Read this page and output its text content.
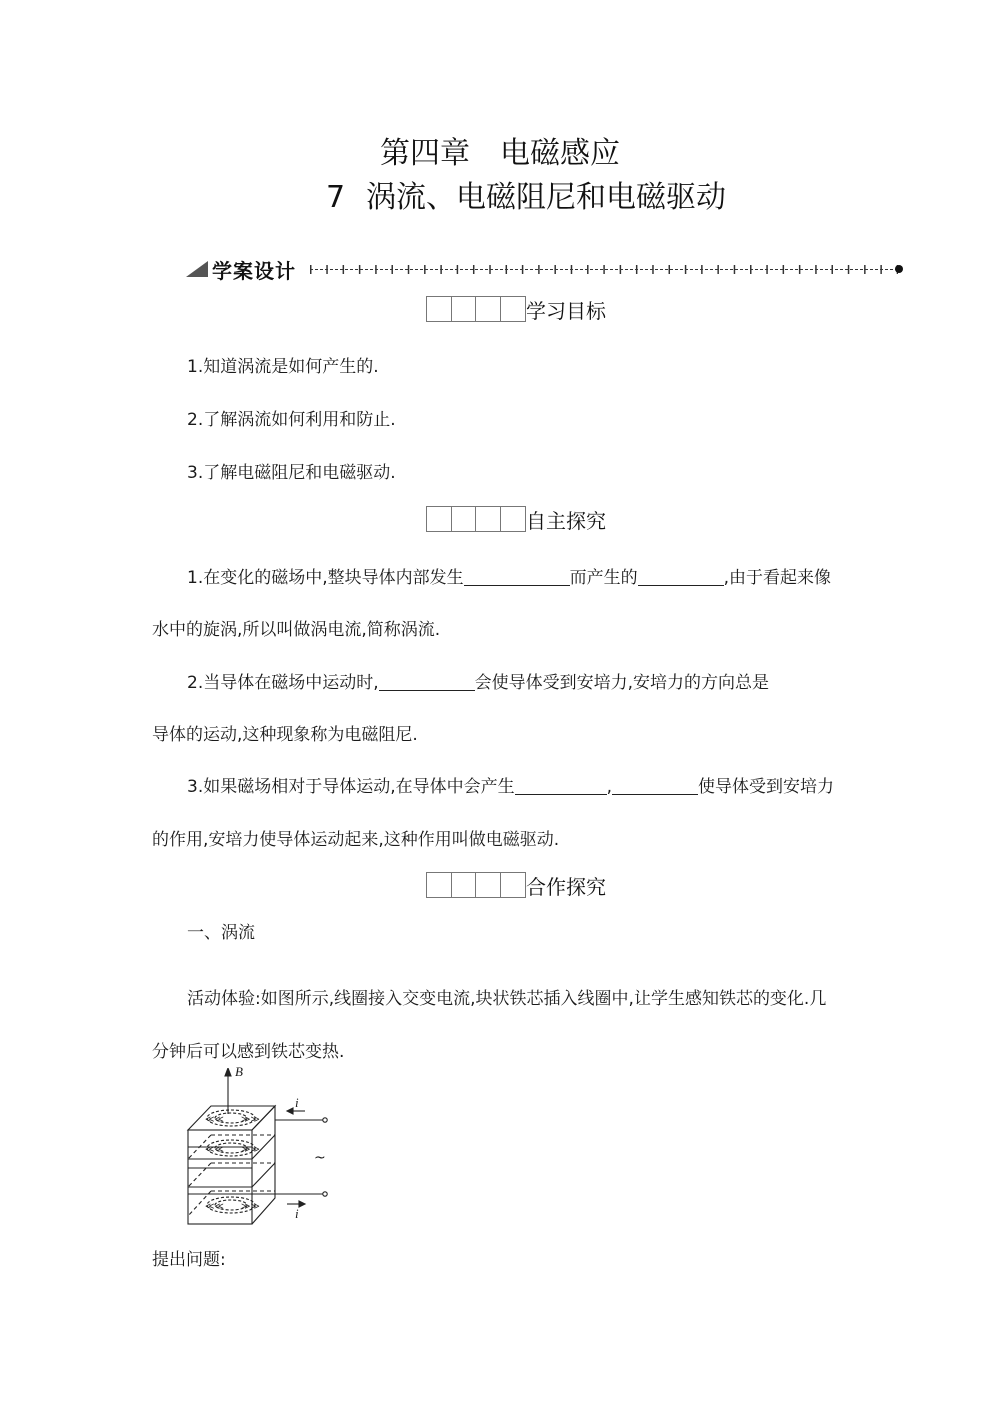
第四章 电磁感应
7 涡流、电磁阻尼和电磁驱动
学案设计
学习目标
1.知道涡流是如何产生的.
2.了解涡流如何利用和防止.
3.了解电磁阻尼和电磁驱动.
自主探究
1.在变化的磁场中,整块导体内部发生	而产生的	,由于看起来像
水中的旋涡,所以叫做涡电流,简称涡流.
2.当导体在磁场中运动时,	会使导体受到安培力,安培力的方向总是
导体的运动,这种现象称为电磁阻尼.
3.如果磁场相对于导体运动,在导体中会产生	,	使导体受到安培力
的作用,安培力使导体运动起来,这种作用叫做电磁驱动.
合作探究
一、涡流
活动体验:如图所示,线圈接入交变电流,块状铁芯插入线圈中,让学生感知铁芯的变化.几
分钟后可以感到铁芯变热.
≪≪ ≫≫
≪≪ ≫≫
≪≪ ≫≫
B
i
i
~
提出问题:
